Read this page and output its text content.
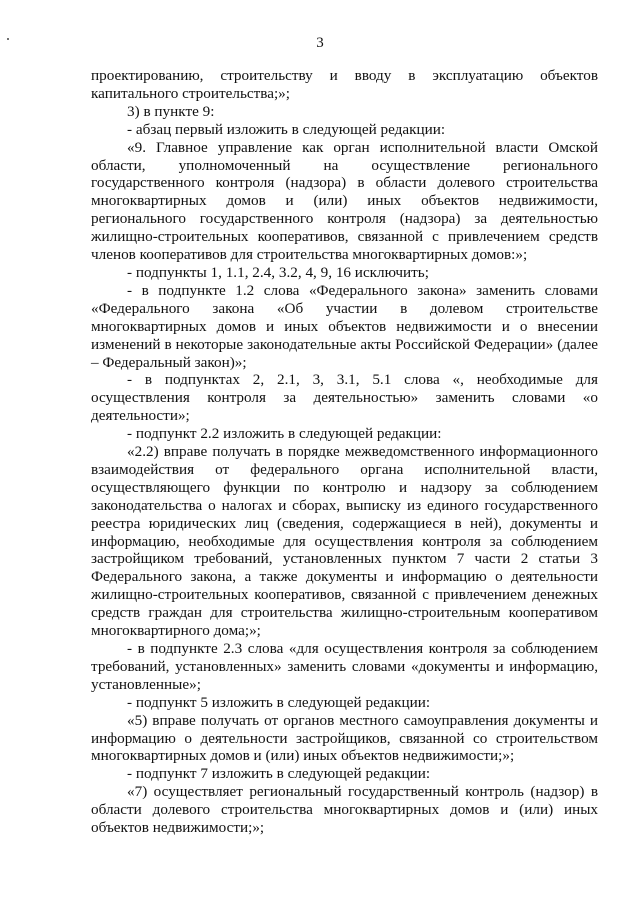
3

проектированию, строительству и вводу в эксплуатацию объектов капитального строительства;»;

3) в пункте 9:

- абзац первый изложить в следующей редакции:

«9. Главное управление как орган исполнительной власти Омской области, уполномоченный на осуществление регионального государственного контроля (надзора) в области долевого строительства многоквартирных домов и (или) иных объектов недвижимости, регионального государственного контроля (надзора) за деятельностью жилищно-строительных кооперативов, связанной с привлечением средств членов кооперативов для строительства многоквартирных домов:»;

- подпункты 1, 1.1, 2.4, 3.2, 4, 9, 16 исключить;

- в подпункте 1.2 слова «Федерального закона» заменить словами «Федерального закона «Об участии в долевом строительстве многоквартирных домов и иных объектов недвижимости и о внесении изменений в некоторые законодательные акты Российской Федерации» (далее – Федеральный закон)»;

- в подпунктах 2, 2.1, 3, 3.1, 5.1 слова «, необходимые для осуществления контроля за деятельностью» заменить словами «о деятельности»;

- подпункт 2.2 изложить в следующей редакции:

«2.2) вправе получать в порядке межведомственного информационного взаимодействия от федерального органа исполнительной власти, осуществляющего функции по контролю и надзору за соблюдением законодательства о налогах и сборах, выписку из единого государственного реестра юридических лиц (сведения, содержащиеся в ней), документы и информацию, необходимые для осуществления контроля за соблюдением застройщиком требований, установленных пунктом 7 части 2 статьи 3 Федерального закона, а также документы и информацию о деятельности жилищно-строительных кооперативов, связанной с привлечением денежных средств граждан для строительства жилищно-строительным кооперативом многоквартирного дома;»;

- в подпункте 2.3 слова «для осуществления контроля за соблюдением требований, установленных» заменить словами «документы и информацию, установленные»;

- подпункт 5 изложить в следующей редакции:

«5) вправе получать от органов местного самоуправления документы и информацию о деятельности застройщиков, связанной со строительством многоквартирных домов и (или) иных объектов недвижимости;»;

- подпункт 7 изложить в следующей редакции:

«7) осуществляет региональный государственный контроль (надзор) в области долевого строительства многоквартирных домов и (или) иных объектов недвижимости;»;
